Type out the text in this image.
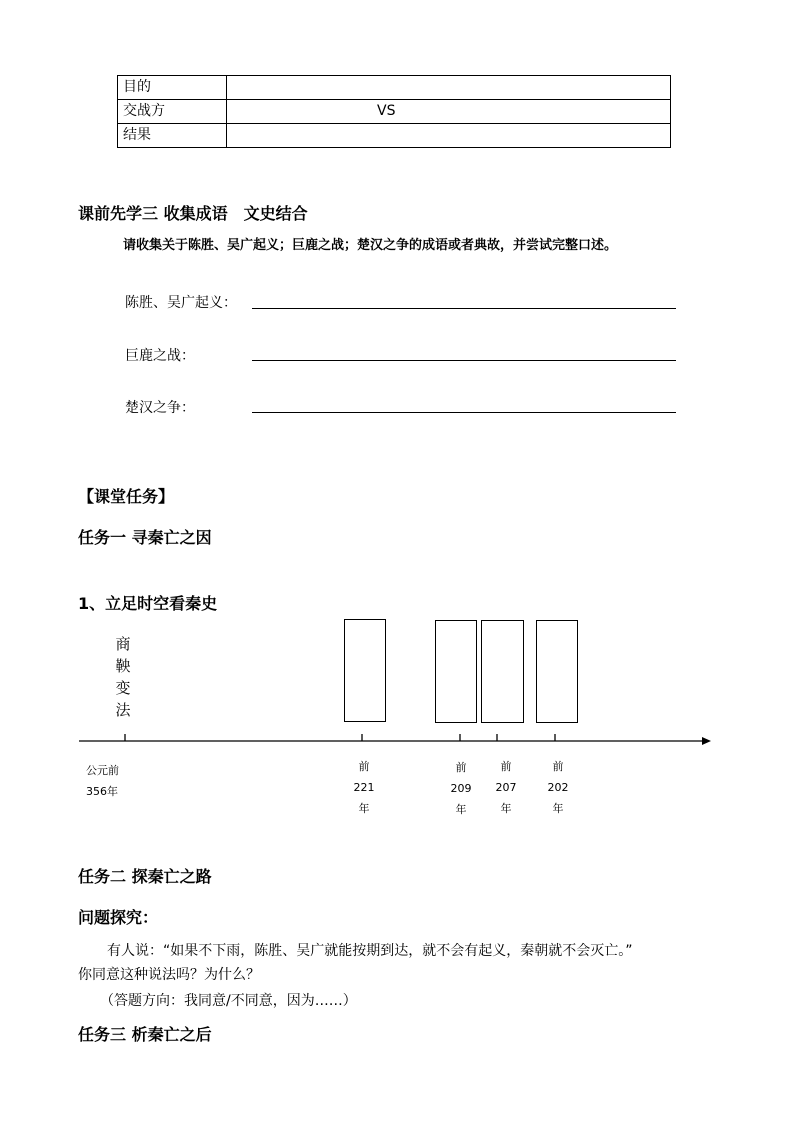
目的	
交战方	VS
结果	
课前先学三 收集成语　文史结合
请收集关于陈胜、吴广起义；巨鹿之战；楚汉之争的成语或者典故，并尝试完整口述。
陈胜、吴广起义：
巨鹿之战：
楚汉之争：
【课堂任务】
任务一 寻秦亡之因
1、立足时空看秦史
商
鞅
变
法
公元前
356年
前
221
年
前
209
年
前
207
年
前
202
年
任务二 探秦亡之路
问题探究：
有人说：“如果不下雨，陈胜、吴广就能按期到达，就不会有起义，秦朝就不会灭亡。”
你同意这种说法吗？为什么？
（答题方向：我同意/不同意，因为……）
任务三 析秦亡之后
